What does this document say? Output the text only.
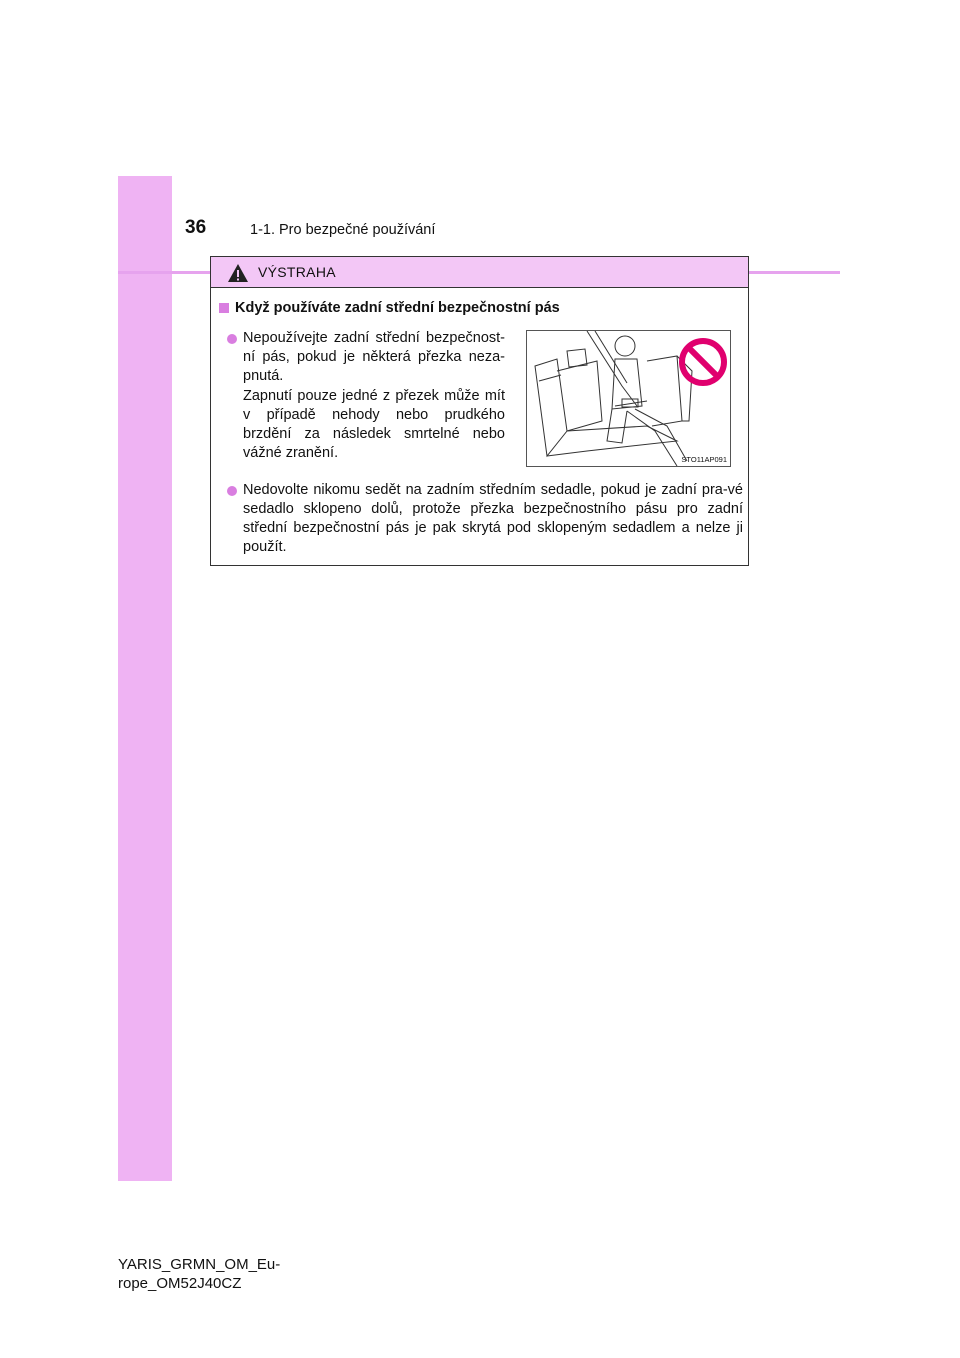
36	1-1. Pro bezpečné používání
VÝSTRAHA
Když používáte zadní střední bezpečnostní pás
Nepoužívejte zadní střední bezpečnost-ní pás, pokud je některá přezka neza-pnutá.
Zapnutí pouze jedné z přezek může mít v případě nehody nebo prudkého brzdění za následek smrtelné nebo vážné zranění.	STO11AP091
Nedovolte nikomu sedět na zadním středním sedadle, pokud je zadní pra-vé sedadlo sklopeno dolů, protože přezka bezpečnostního pásu pro zadní střední bezpečnostní pás je pak skrytá pod sklopeným sedadlem a nelze ji použít.
YARIS_GRMN_OM_Eu-
rope_OM52J40CZ
